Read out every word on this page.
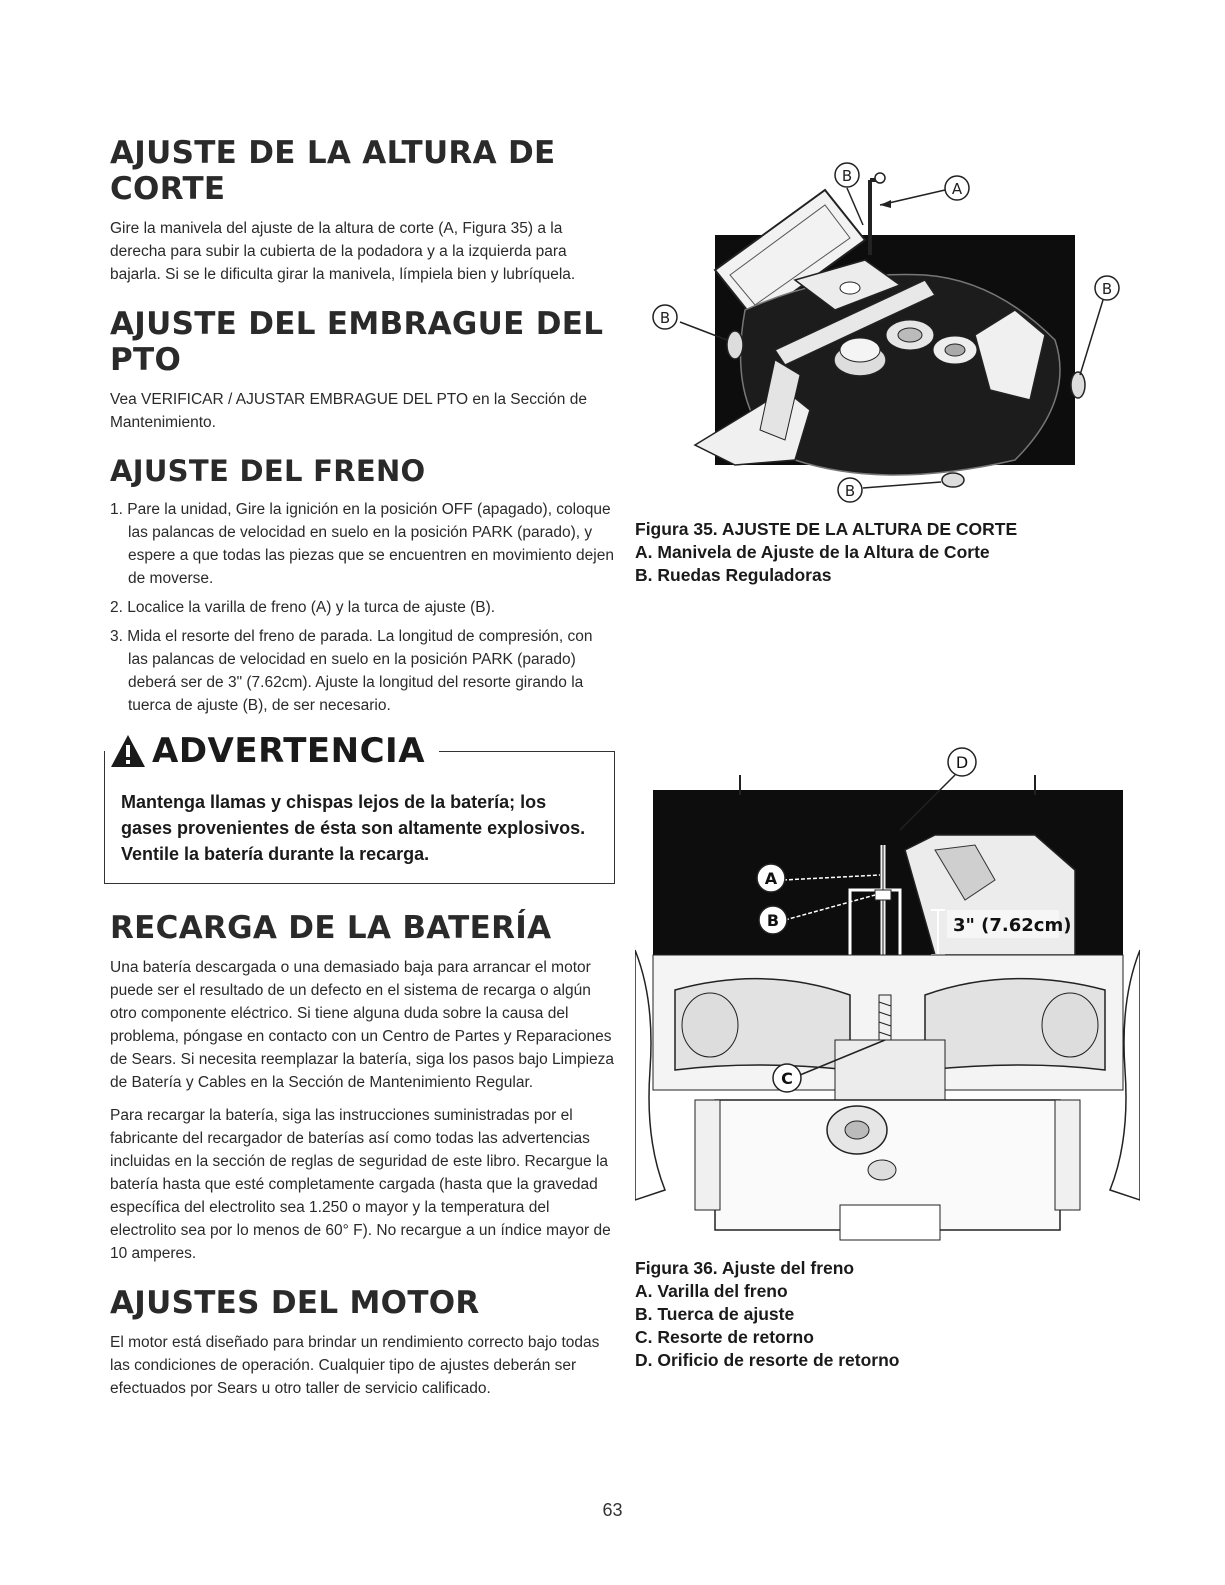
AJUSTE DE LA ALTURA DE CORTE

Gire la manivela del ajuste de la altura de corte (A, Figura 35) a la derecha para subir la cubierta de la podadora y a la izquierda para bajarla. Si se le dificulta girar la manivela, límpiela bien y lubríquela.

AJUSTE DEL EMBRAGUE DEL PTO

Vea VERIFICAR / AJUSTAR EMBRAGUE DEL PTO en la Sección de Mantenimiento.

AJUSTE DEL FRENO
1. Pare la unidad, Gire la ignición en la posición OFF (apagado), coloque las palancas de velocidad en suelo en la posición PARK (parado), y espere a que todas las piezas que se encuentren en movimiento dejen de moverse.
2. Localice la varilla de freno (A) y la turca de ajuste (B).
3. Mida el resorte del freno de parada. La longitud de compresión, con las palancas de velocidad en suelo en la posición PARK (parado) deberá ser de 3" (7.62cm). Ajuste la longitud del resorte girando la tuerca de ajuste (B), de ser necesario.
ADVERTENCIA

Mantenga llamas y chispas lejos de la batería; los gases provenientes de ésta son altamente explosivos. Ventile la batería durante la recarga.

RECARGA DE LA BATERÍA

Una batería descargada o una demasiado baja para arrancar el motor puede ser el resultado de un defecto en el sistema de recarga o algún otro componente eléctrico. Si tiene alguna duda sobre la causa del problema, póngase en contacto con un Centro de Partes y Reparaciones de Sears. Si necesita reemplazar la batería, siga los pasos bajo Limpieza de Batería y Cables en la Sección de Mantenimiento Regular.

Para recargar la batería, siga las instrucciones suministradas por el fabricante del recargador de baterías así como todas las advertencias incluidas en la sección de reglas de seguridad de este libro. Recargue la batería hasta que esté completamente cargada (hasta que la gravedad específica del electrolito sea 1.250 o mayor y la temperatura del electrolito sea por lo menos de 60° F). No recargue a un índice mayor de 10 amperes.

AJUSTES DEL MOTOR

El motor está diseñado para brindar un rendimiento correcto bajo todas las condiciones de operación. Cualquier tipo de ajustes deberán ser efectuados por Sears u otro taller de servicio calificado.

B
A
B
B
B
Figura 35. AJUSTE DE LA ALTURA DE CORTE
A. Manivela de Ajuste de la Altura de Corte
B. Ruedas Reguladoras
3" (7.62cm)
A
B
C
D
Figura 36. Ajuste del freno
A. Varilla del freno
B. Tuerca de ajuste
C. Resorte de retorno
D. Orificio de resorte de retorno
63
